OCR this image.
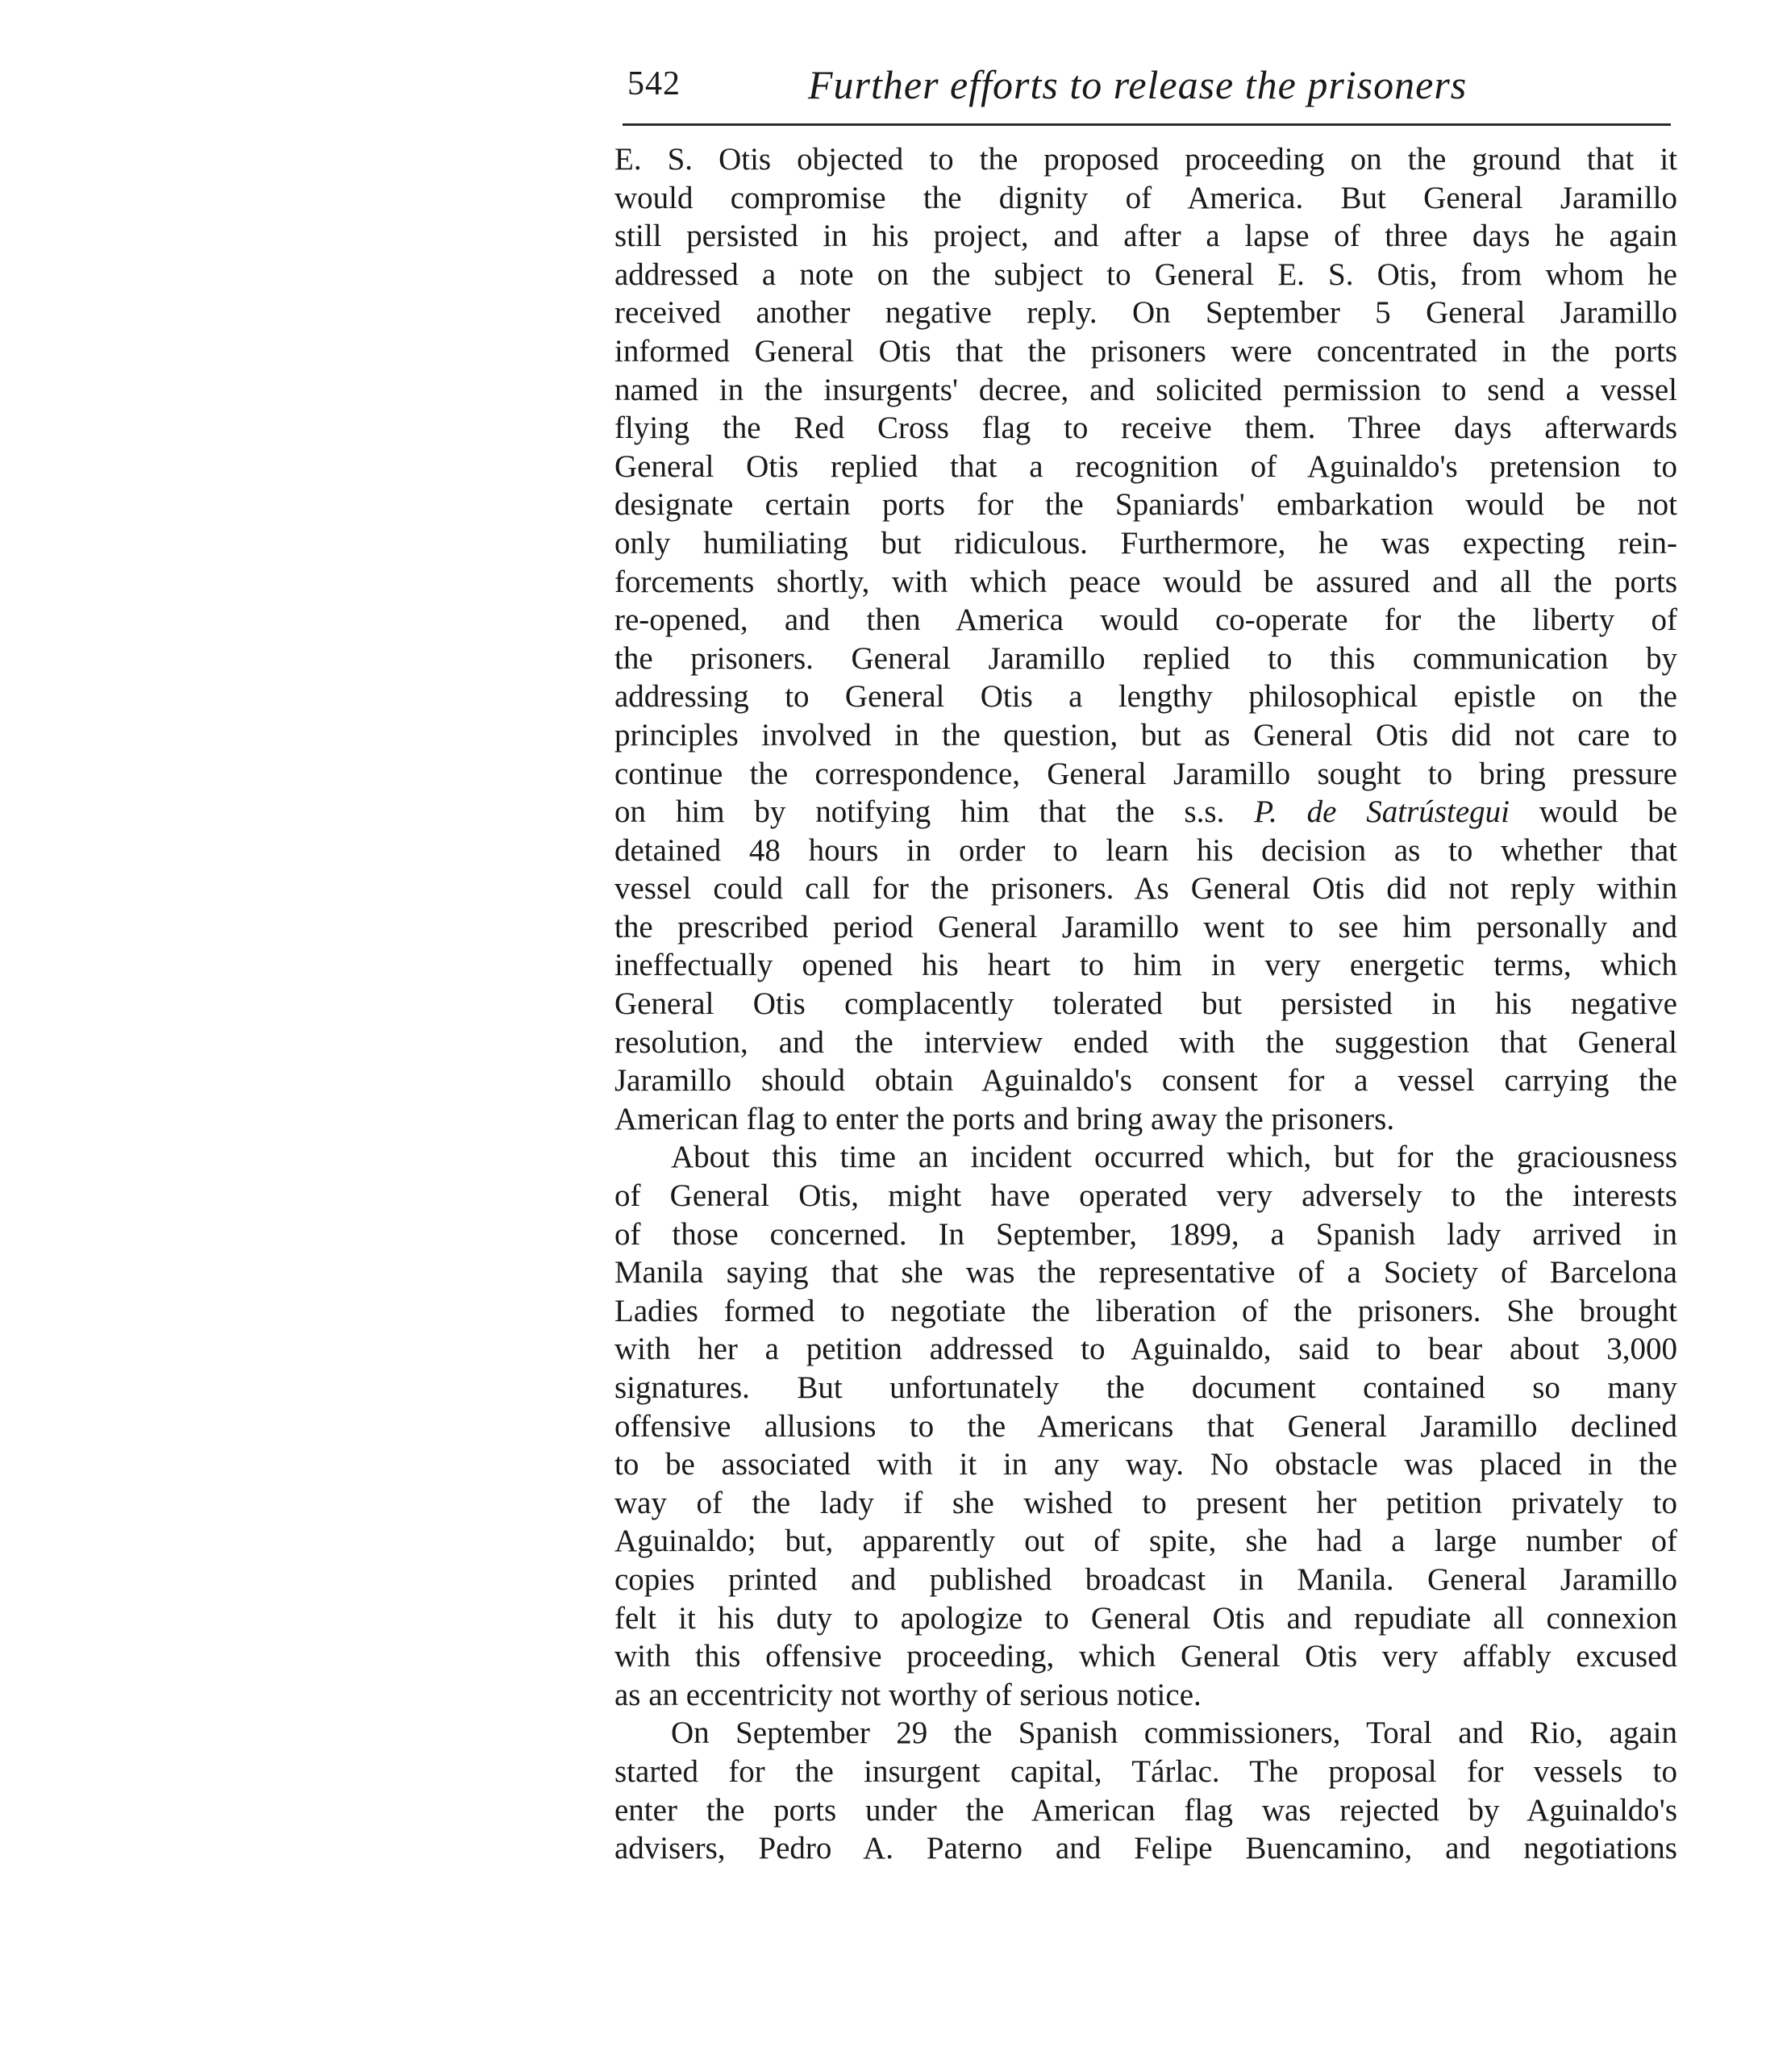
542	Further efforts to release the prisoners
E. S. Otis objected to the proposed proceeding on the ground that it
would compromise the dignity of America. But General Jaramillo
still persisted in his project, and after a lapse of three days he again
addressed a note on the subject to General E. S. Otis, from whom he
received another negative reply. On September 5 General Jaramillo
informed General Otis that the prisoners were concentrated in the ports
named in the insurgents' decree, and solicited permission to send a vessel
flying the Red Cross flag to receive them. Three days afterwards
General Otis replied that a recognition of Aguinaldo's pretension to
designate certain ports for the Spaniards' embarkation would be not
only humiliating but ridiculous. Furthermore, he was expecting rein-
forcements shortly, with which peace would be assured and all the ports
re-opened, and then America would co-operate for the liberty of
the prisoners. General Jaramillo replied to this communication by
addressing to General Otis a lengthy philosophical epistle on the
principles involved in the question, but as General Otis did not care to
continue the correspondence, General Jaramillo sought to bring pressure
on him by notifying him that the s.s. P. de Satrústegui would be
detained 48 hours in order to learn his decision as to whether that
vessel could call for the prisoners. As General Otis did not reply within
the prescribed period General Jaramillo went to see him personally and
ineffectually opened his heart to him in very energetic terms, which
General Otis complacently tolerated but persisted in his negative
resolution, and the interview ended with the suggestion that General
Jaramillo should obtain Aguinaldo's consent for a vessel carrying the
American flag to enter the ports and bring away the prisoners.
About this time an incident occurred which, but for the graciousness
of General Otis, might have operated very adversely to the interests
of those concerned. In September, 1899, a Spanish lady arrived in
Manila saying that she was the representative of a Society of Barcelona
Ladies formed to negotiate the liberation of the prisoners. She brought
with her a petition addressed to Aguinaldo, said to bear about 3,000
signatures. But unfortunately the document contained so many
offensive allusions to the Americans that General Jaramillo declined
to be associated with it in any way. No obstacle was placed in the
way of the lady if she wished to present her petition privately to
Aguinaldo; but, apparently out of spite, she had a large number of
copies printed and published broadcast in Manila. General Jaramillo
felt it his duty to apologize to General Otis and repudiate all connexion
with this offensive proceeding, which General Otis very affably excused
as an eccentricity not worthy of serious notice.
On September 29 the Spanish commissioners, Toral and Rio, again
started for the insurgent capital, Tárlac. The proposal for vessels to
enter the ports under the American flag was rejected by Aguinaldo's
advisers, Pedro A. Paterno and Felipe Buencamino, and negotiations
